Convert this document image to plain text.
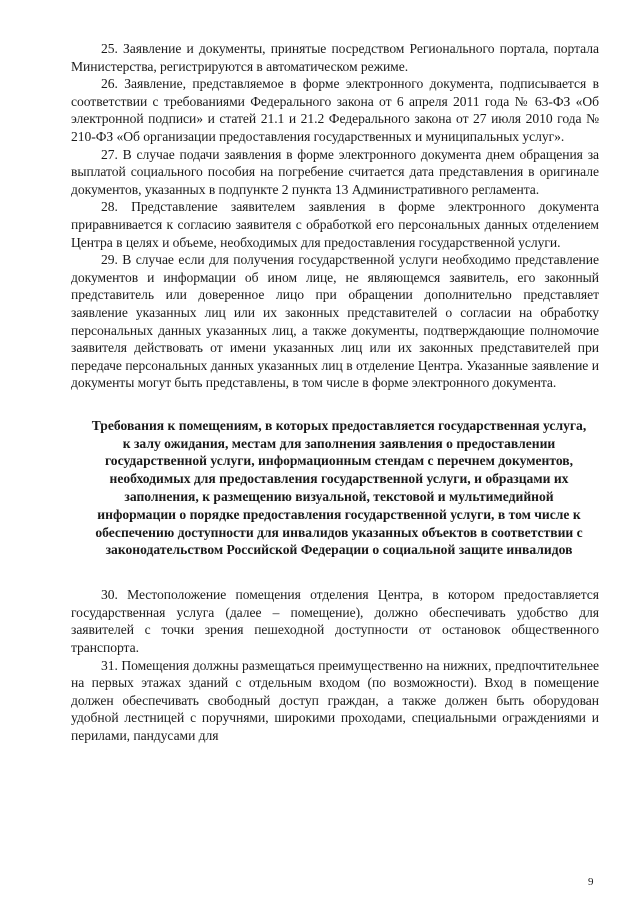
25. Заявление и документы, принятые посредством Регионального портала, портала Министерства, регистрируются в автоматическом режиме.

26. Заявление, представляемое в форме электронного документа, подписывается в соответствии с требованиями Федерального закона от 6 апреля 2011 года № 63-ФЗ «Об электронной подписи» и статей 21.1 и 21.2 Федерального закона от 27 июля 2010 года № 210-ФЗ «Об организации предоставления государственных и муниципальных услуг».

27. В случае подачи заявления в форме электронного документа днем обращения за выплатой социального пособия на погребение считается дата представления в оригинале документов, указанных в подпункте 2 пункта 13 Административного регламента.

28. Представление заявителем заявления в форме электронного документа приравнивается к согласию заявителя с обработкой его персональных данных отделением Центра в целях и объеме, необходимых для предоставления государственной услуги.

29. В случае если для получения государственной услуги необходимо представление документов и информации об ином лице, не являющемся заявитель, его законный представитель или доверенное лицо при обращении дополнительно представляет заявление указанных лиц или их законных представителей о согласии на обработку персональных данных указанных лиц, а также документы, подтверждающие полномочие заявителя действовать от имени указанных лиц или их законных представителей при передаче персональных данных указанных лиц в отделение Центра. Указанные заявление и документы могут быть представлены, в том числе в форме электронного документа.

Требования к помещениям, в которых предоставляется государственная услуга, к залу ожидания, местам для заполнения заявления о предоставлении государственной услуги, информационным стендам с перечнем документов, необходимых для предоставления государственной услуги, и образцами их заполнения, к размещению визуальной, текстовой и мультимедийной информации о порядке предоставления государственной услуги, в том числе к обеспечению доступности для инвалидов указанных объектов в соответствии с законодательством Российской Федерации о социальной защите инвалидов

30. Местоположение помещения отделения Центра, в котором предоставляется государственная услуга (далее – помещение), должно обеспечивать удобство для заявителей с точки зрения пешеходной доступности от остановок общественного транспорта.

31. Помещения должны размещаться преимущественно на нижних, предпочтительнее на первых этажах зданий с отдельным входом (по возможности). Вход в помещение должен обеспечивать свободный доступ граждан, а также должен быть оборудован удобной лестницей с поручнями, широкими проходами, специальными ограждениями и перилами, пандусами для

9
